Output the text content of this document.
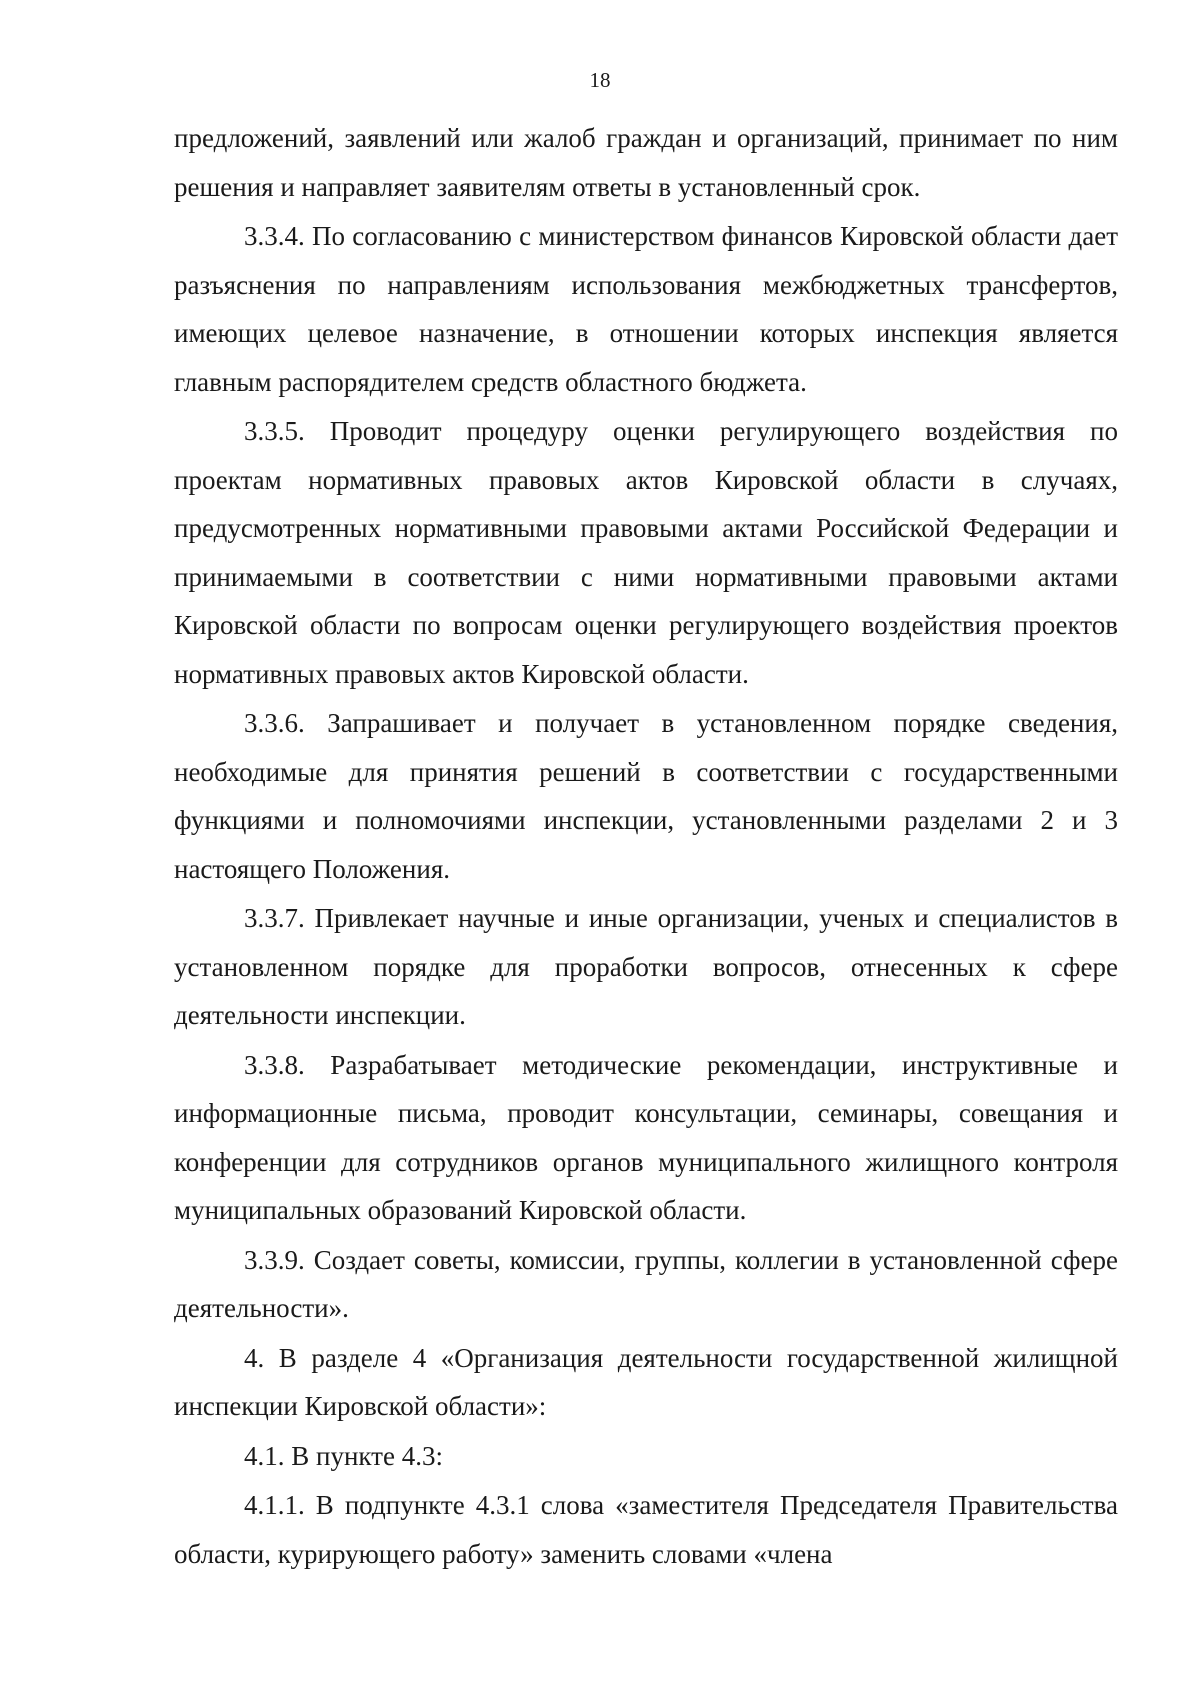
18

предложений, заявлений или жалоб граждан и организаций, принимает по ним решения и направляет заявителям ответы в установленный срок.

3.3.4. По согласованию с министерством финансов Кировской области дает разъяснения по направлениям использования межбюджетных трансфертов, имеющих целевое назначение, в отношении которых инспекция является главным распорядителем средств областного бюджета.

3.3.5. Проводит процедуру оценки регулирующего воздействия по проектам нормативных правовых актов Кировской области в случаях, предусмотренных нормативными правовыми актами Российской Федерации и принимаемыми в соответствии с ними нормативными правовыми актами Кировской области по вопросам оценки регулирующего воздействия проектов нормативных правовых актов Кировской области.

3.3.6. Запрашивает и получает в установленном порядке сведения, необходимые для принятия решений в соответствии с государственными функциями и полномочиями инспекции, установленными разделами 2 и 3 настоящего Положения.

3.3.7. Привлекает научные и иные организации, ученых и специалистов в установленном порядке для проработки вопросов, отнесенных к сфере деятельности инспекции.

3.3.8. Разрабатывает методические рекомендации, инструктивные и информационные письма, проводит консультации, семинары, совещания и конференции для сотрудников органов муниципального жилищного контроля муниципальных образований Кировской области.

3.3.9. Создает советы, комиссии, группы, коллегии в установленной сфере деятельности».

4. В разделе 4 «Организация деятельности государственной жилищной инспекции Кировской области»:

4.1. В пункте 4.3:

4.1.1. В подпункте 4.3.1 слова «заместителя Председателя Правительства области, курирующего работу» заменить словами «члена
